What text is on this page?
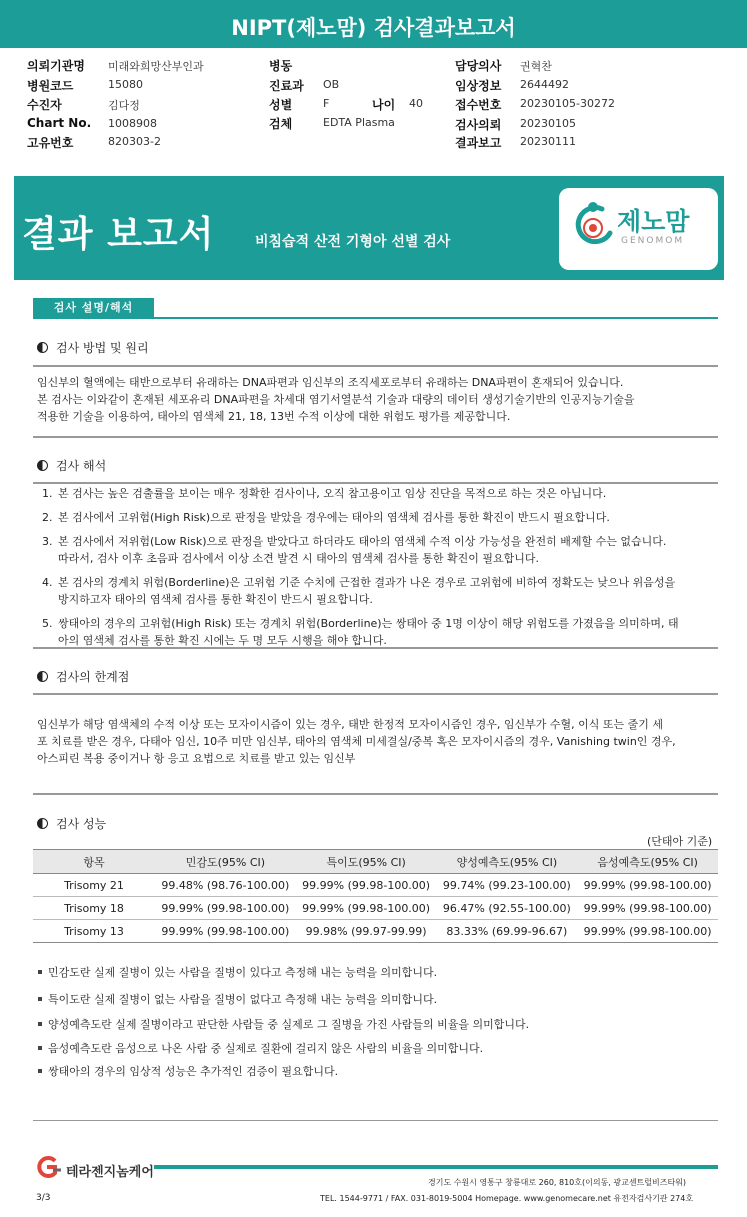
NIPT(제노맘) 검사결과보고서
의뢰기관명 미래와희망산부인과
병원코드	15080
수진자	김다정
Chart No. 1008908
고유번호	820303-2
병동
진료과 OB
성별	F	나이 40
검체	EDTA Plasma
담당의사 권혁찬
임상정보 2644492
접수번호 20230105-30272
검사의뢰 20230105
결과보고 20230111
결과 보고서	비침습적 산전 기형아 선별 검사
제노맘
GENOMOM
검사 설명/해석
검사 방법 및 원리
임신부의 혈액에는 태반으로부터 유래하는 DNA파편과 임신부의 조직세포로부터 유래하는 DNA파편이 혼재되어 있습니다.
본 검사는 이와같이 혼재된 세포유리 DNA파편을 차세대 염기서열분석 기술과 대량의 데이터 생성기술기반의 인공지능기술을
적용한 기술을 이용하여, 태아의 염색체 21, 18, 13번 수적 이상에 대한 위험도 평가를 제공합니다.
검사 해석
1. 본 검사는 높은 검출률을 보이는 매우 정확한 검사이나, 오직 참고용이고 임상 진단을 목적으로 하는 것은 아닙니다.
2. 본 검사에서 고위험(High Risk)으로 판정을 받았을 경우에는 태아의 염색체 검사를 통한 확진이 반드시 필요합니다.
3. 본 검사에서 저위험(Low Risk)으로 판정을 받았다고 하더라도 태아의 염색체 수적 이상 가능성을 완전히 배제할 수는 없습니다.
따라서, 검사 이후 초음파 검사에서 이상 소견 발견 시 태아의 염색체 검사를 통한 확진이 필요합니다.
4. 본 검사의 경계치 위험(Borderline)은 고위험 기준 수치에 근접한 결과가 나온 경우로 고위험에 비하여 정확도는 낮으나 위음성을
방지하고자 태아의 염색체 검사를 통한 확진이 반드시 필요합니다.
5. 쌍태아의 경우의 고위험(High Risk) 또는 경계치 위험(Borderline)는 쌍태아 중 1명 이상이 해당 위험도를 가졌음을 의미하며, 태
아의 염색체 검사를 통한 확진 시에는 두 명 모두 시행을 해야 합니다.
검사의 한계점
임신부가 해당 염색체의 수적 이상 또는 모자이시즘이 있는 경우, 태반 한정적 모자이시즘인 경우, 임신부가 수혈, 이식 또는 줄기 세
포 치료를 받은 경우, 다태아 임신, 10주 미만 임신부, 태아의 염색체 미세결실/중복 혹은 모자이시즘의 경우, Vanishing twin인 경우,
아스피린 복용 중이거나 항 응고 요법으로 치료를 받고 있는 임신부
검사 성능
(단태아 기준)
항목	민감도(95% CI)	특이도(95% CI)	양성예측도(95% CI)	음성예측도(95% CI)
Trisomy 21	99.48% (98.76-100.00)	99.99% (99.98-100.00)	99.74% (99.23-100.00)	99.99% (99.98-100.00)
Trisomy 18	99.99% (99.98-100.00)	99.99% (99.98-100.00)	96.47% (92.55-100.00)	99.99% (99.98-100.00)
Trisomy 13	99.99% (99.98-100.00)	99.98% (99.97-99.99)	83.33% (69.99-96.67)	99.99% (99.98-100.00)
민감도란 실제 질병이 있는 사람을 질병이 있다고 측정해 내는 능력을 의미합니다.
특이도란 실제 질병이 없는 사람을 질병이 없다고 측정해 내는 능력을 의미합니다.
양성예측도란 실제 질병이라고 판단한 사람들 중 실제로 그 질병을 가진 사람들의 비율을 의미합니다.
음성예측도란 음성으로 나온 사람 중 실제로 질환에 걸리지 않은 사람의 비율을 의미합니다.
쌍태아의 경우의 임상적 성능은 추가적인 검증이 필요합니다.
테라젠지놈케어
경기도 수원시 영통구 창룡대로 260, 810호(이의동, 광교센트럴비즈타워)
TEL. 1544-9771 / FAX. 031-8019-5004 Homepage. www.genomecare.net 유전자검사기관 274호
3/3
